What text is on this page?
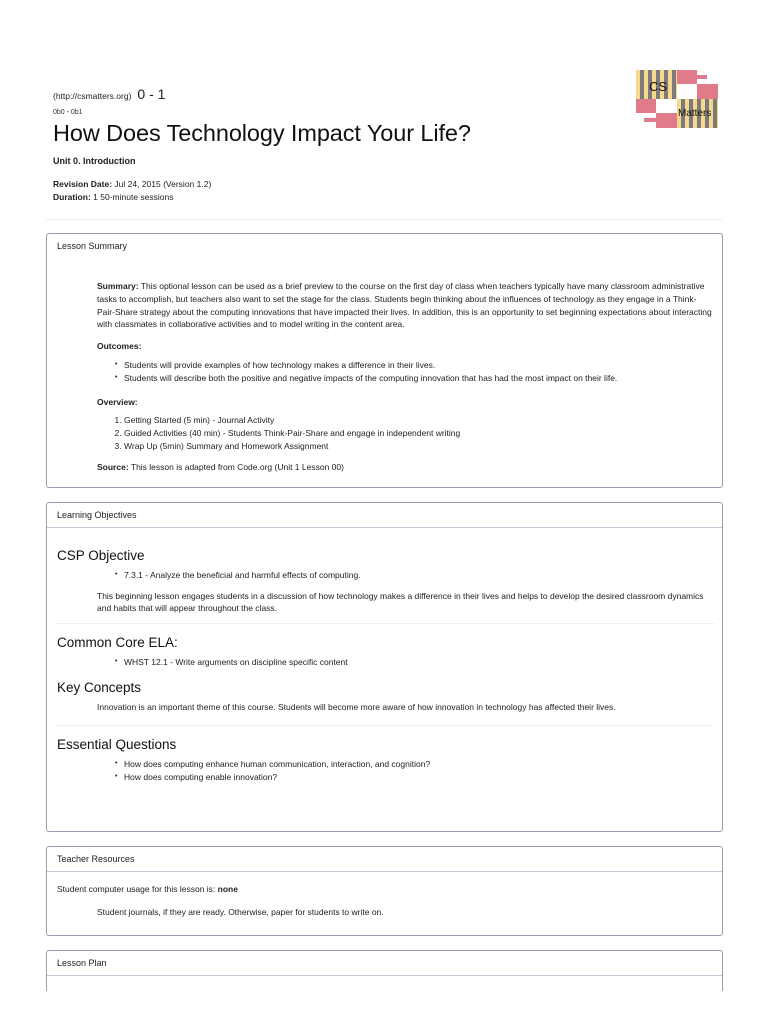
(http://csmatters.org) 0 - 1
0b0 - 0b1
How Does Technology Impact Your Life?
Unit 0. Introduction
Revision Date: Jul 24, 2015 (Version 1.2)
Duration: 1 50-minute sessions
CS
Matters
Lesson Summary

Summary: This optional lesson can be used as a brief preview to the course on the first day of class when teachers typically have many classroom administrative tasks to accomplish, but teachers also want to set the stage for the class. Students begin thinking about the influences of technology as they engage in a Think-Pair-Share strategy about the computing innovations that have impacted their lives. In addition, this is an opportunity to set beginning expectations about interacting with classmates in collaborative activities and to model writing in the content area.

Outcomes:
• Students will provide examples of how technology makes a difference in their lives.
• Students will describe both the positive and negative impacts of the computing innovation that has had the most impact on their life.
Overview:
1. Getting Started (5 min) - Journal Activity
2. Guided Activities (40 min) - Students Think-Pair-Share and engage in independent writing
3. Wrap Up (5min) Summary and Homework Assignment

Source: This lesson is adapted from Code.org (Unit 1 Lesson 00)

Learning Objectives
CSP Objective
• 7.3.1 - Analyze the beneficial and harmful effects of computing.

This beginning lesson engages students in a discussion of how technology makes a difference in their lives and helps to develop the desired classroom dynamics and habits that will appear throughout the class.

Common Core ELA:
• WHST 12.1 - Write arguments on discipline specific content
Key Concepts

Innovation is an important theme of this course. Students will become more aware of how innovation in technology has affected their lives.

Essential Questions
• How does computing enhance human communication, interaction, and cognition?
• How does computing enable innovation?
Teacher Resources

Student computer usage for this lesson is: none

Student journals, if they are ready. Otherwise, paper for students to write on.

Lesson Plan
